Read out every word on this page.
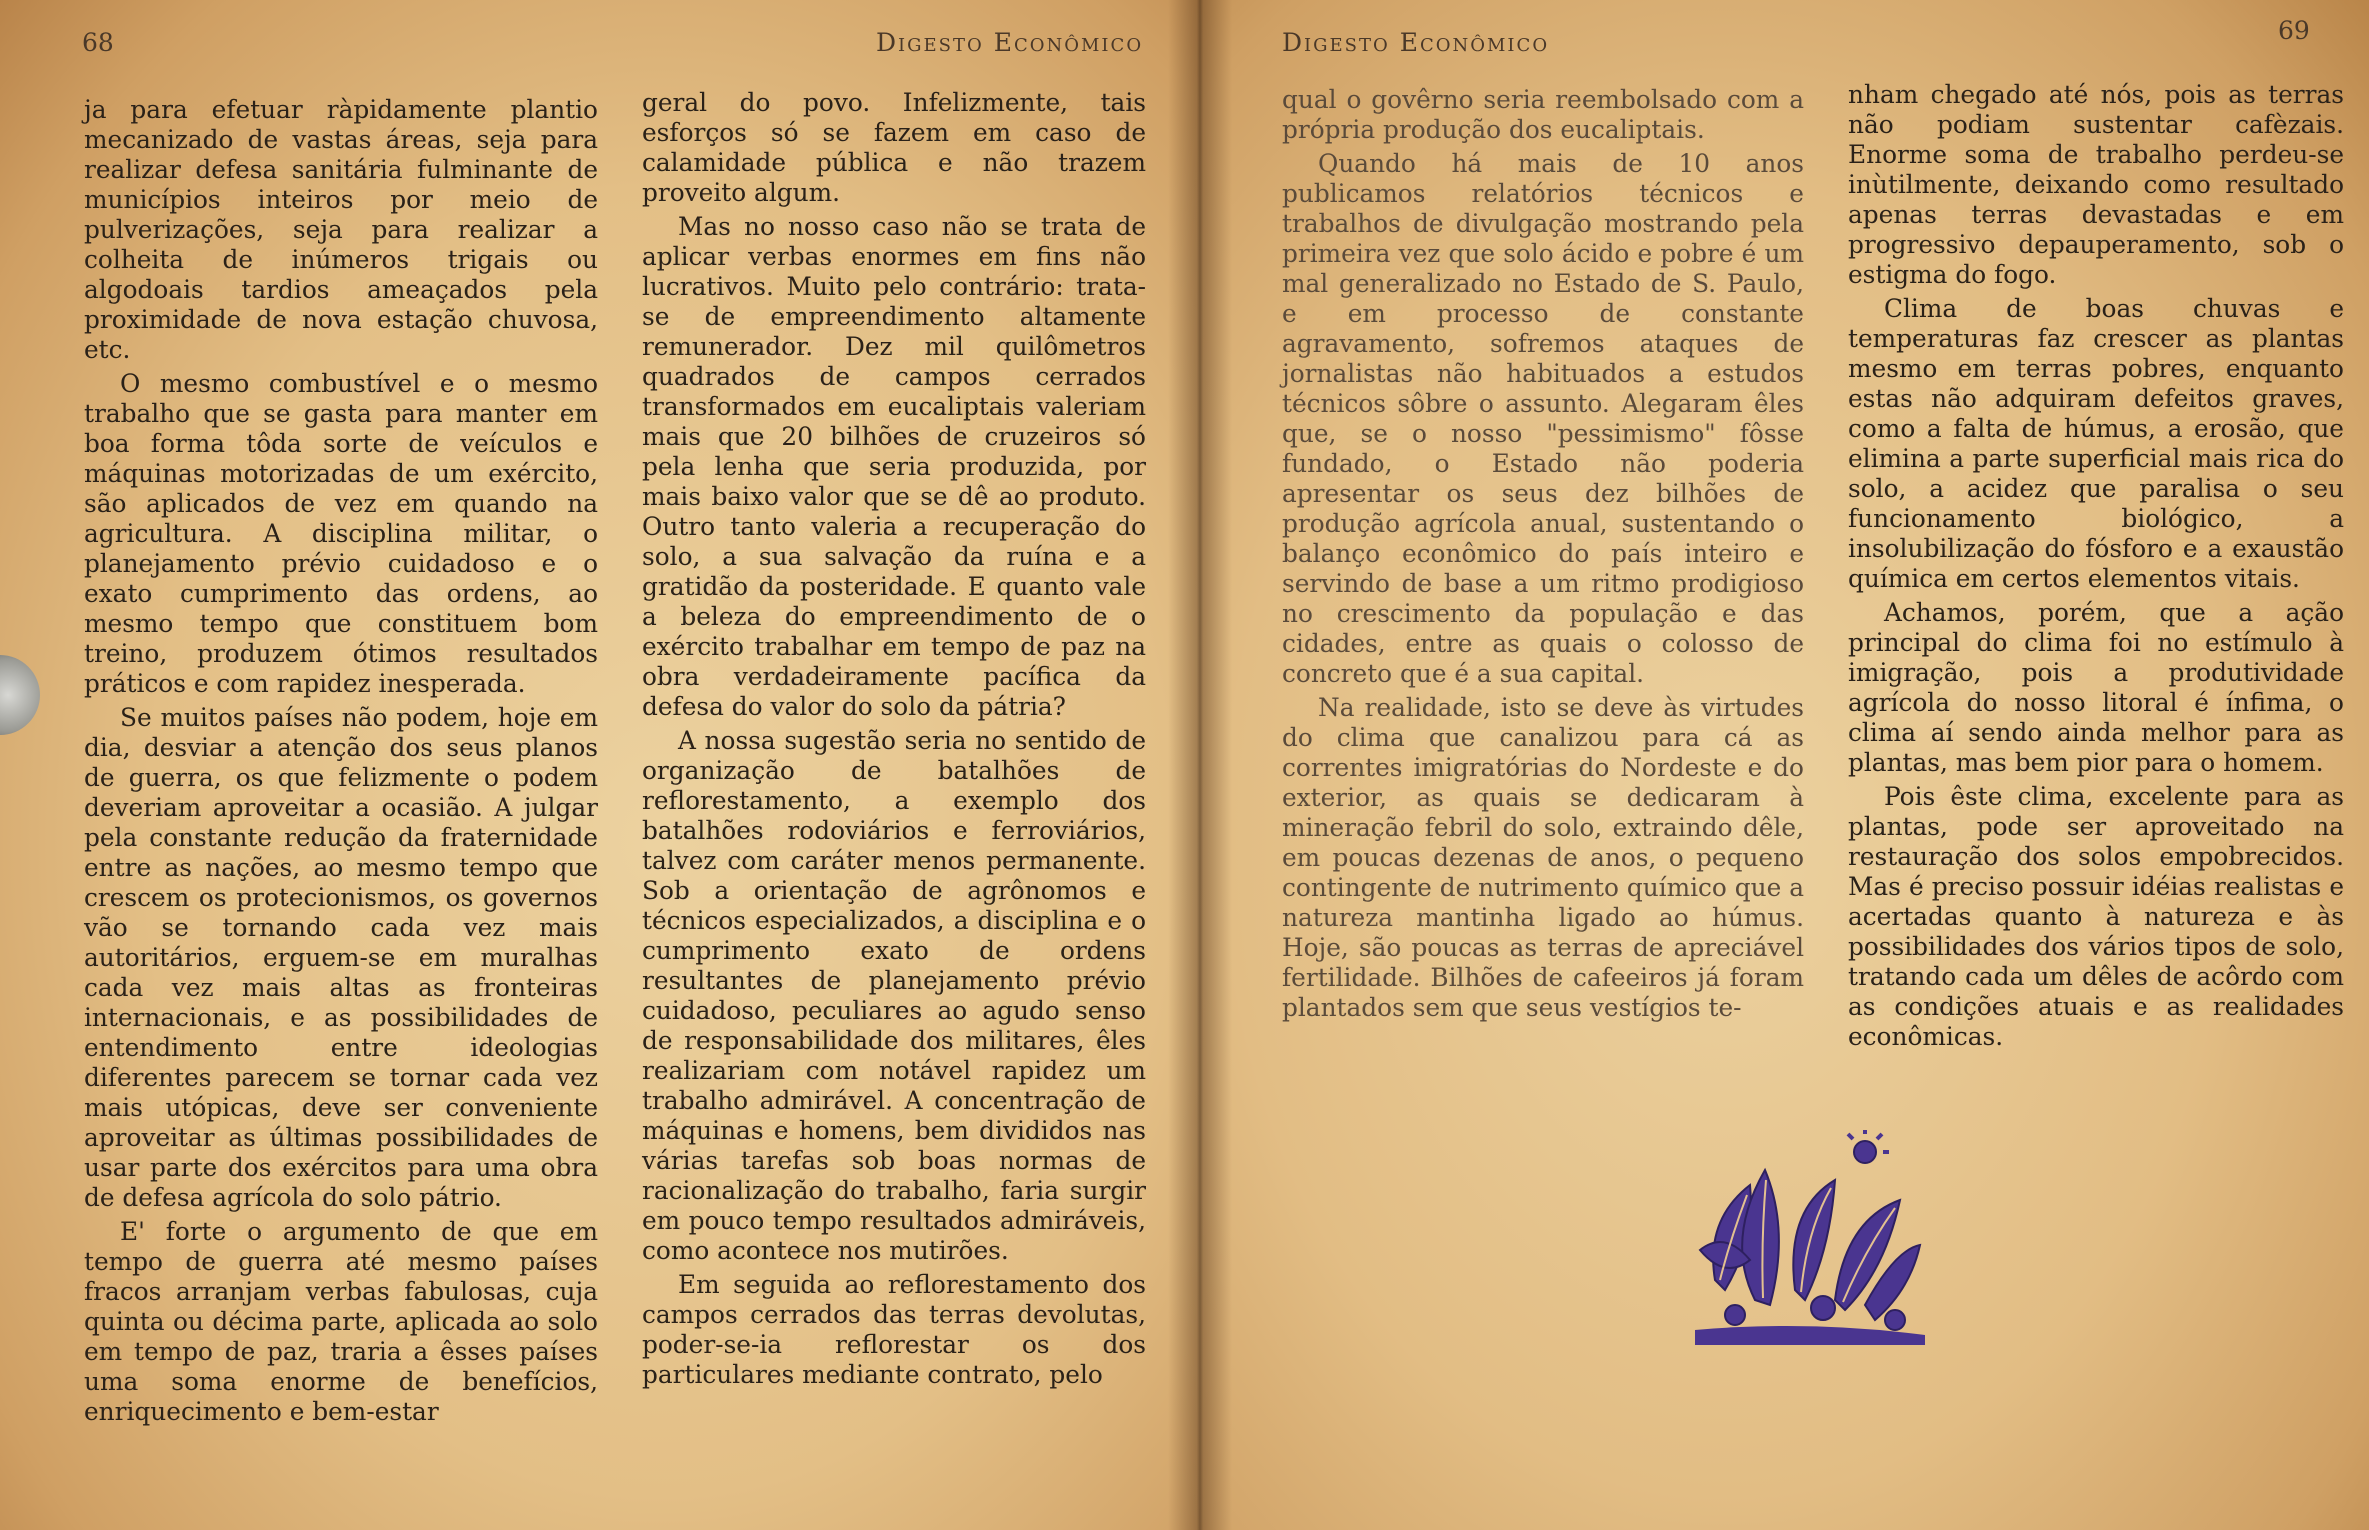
68	Digesto Econômico

ja para efetuar ràpidamente plantio mecanizado de vastas áreas, seja para realizar defesa sanitária fulminante de municípios inteiros por meio de pulverizações, seja para realizar a colheita de inúmeros trigais ou algodoais tardios ameaçados pela proximidade de nova estação chuvosa, etc.

O mesmo combustível e o mesmo trabalho que se gasta para manter em boa forma tôda sorte de veículos e máquinas motorizadas de um exército, são aplicados de vez em quando na agricultura. A disciplina militar, o planejamento prévio cuidadoso e o exato cumprimento das ordens, ao mesmo tempo que constituem bom treino, produzem ótimos resultados práticos e com rapidez inesperada.

Se muitos países não podem, hoje em dia, desviar a atenção dos seus planos de guerra, os que felizmente o podem deveriam aproveitar a ocasião. A julgar pela constante redução da fraternidade entre as nações, ao mesmo tempo que crescem os protecionismos, os governos vão se tornando cada vez mais autoritários, erguem-se em muralhas cada vez mais altas as fronteiras internacionais, e as possibilidades de entendimento entre ideologias diferentes parecem se tornar cada vez mais utópicas, deve ser conveniente aproveitar as últimas possibilidades de usar parte dos exércitos para uma obra de defesa agrícola do solo pátrio.

E' forte o argumento de que em tempo de guerra até mesmo países fracos arranjam verbas fabulosas, cuja quinta ou décima parte, aplicada ao solo em tempo de paz, traria a êsses países uma soma enorme de benefícios, enriquecimento e bem-estar

geral do povo. Infelizmente, tais esforços só se fazem em caso de calamidade pública e não trazem proveito algum.

Mas no nosso caso não se trata de aplicar verbas enormes em fins não lucrativos. Muito pelo contrário: trata-se de empreendimento altamente remunerador. Dez mil quilômetros quadrados de campos cerrados transformados em eucaliptais valeriam mais que 20 bilhões de cruzeiros só pela lenha que seria produzida, por mais baixo valor que se dê ao produto. Outro tanto valeria a recuperação do solo, a sua salvação da ruína e a gratidão da posteridade. E quanto vale a beleza do empreendimento de o exército trabalhar em tempo de paz na obra verdadeiramente pacífica da defesa do valor do solo da pátria?

A nossa sugestão seria no sentido de organização de batalhões de reflorestamento, a exemplo dos batalhões rodoviários e ferroviários, talvez com caráter menos permanente. Sob a orientação de agrônomos e técnicos especializados, a disciplina e o cumprimento exato de ordens resultantes de planejamento prévio cuidadoso, peculiares ao agudo senso de responsabilidade dos militares, êles realizariam com notável rapidez um trabalho admirável. A concentração de máquinas e homens, bem divididos nas várias tarefas sob boas normas de racionalização do trabalho, faria surgir em pouco tempo resultados admiráveis, como acontece nos mutirões.

Em seguida ao reflorestamento dos campos cerrados das terras devolutas, poder-se-ia reflorestar os dos particulares mediante contrato, pelo

Digesto Econômico	69

qual o govêrno seria reembolsado com a própria produção dos eucaliptais.

Quando há mais de 10 anos publicamos relatórios técnicos e trabalhos de divulgação mostrando pela primeira vez que solo ácido e pobre é um mal generalizado no Estado de S. Paulo, e em processo de constante agravamento, sofremos ataques de jornalistas não habituados a estudos técnicos sôbre o assunto. Alegaram êles que, se o nosso "pessimismo" fôsse fundado, o Estado não poderia apresentar os seus dez bilhões de produção agrícola anual, sustentando o balanço econômico do país inteiro e servindo de base a um ritmo prodigioso no crescimento da população e das cidades, entre as quais o colosso de concreto que é a sua capital.

Na realidade, isto se deve às virtudes do clima que canalizou para cá as correntes imigratórias do Nordeste e do exterior, as quais se dedicaram à mineração febril do solo, extraindo dêle, em poucas dezenas de anos, o pequeno contingente de nutrimento químico que a natureza mantinha ligado ao húmus. Hoje, são poucas as terras de apreciável fertilidade. Bilhões de cafeeiros já foram plantados sem que seus vestígios te-

nham chegado até nós, pois as terras não podiam sustentar cafèzais. Enorme soma de trabalho perdeu-se inùtilmente, deixando como resultado apenas terras devastadas e em progressivo depauperamento, sob o estigma do fogo.

Clima de boas chuvas e temperaturas faz crescer as plantas mesmo em terras pobres, enquanto estas não adquiram defeitos graves, como a falta de húmus, a erosão, que elimina a parte superficial mais rica do solo, a acidez que paralisa o seu funcionamento biológico, a insolubilização do fósforo e a exaustão química em certos elementos vitais.

Achamos, porém, que a ação principal do clima foi no estímulo à imigração, pois a produtividade agrícola do nosso litoral é ínfima, o clima aí sendo ainda melhor para as plantas, mas bem pior para o homem.

Pois êste clima, excelente para as plantas, pode ser aproveitado na restauração dos solos empobrecidos. Mas é preciso possuir idéias realistas e acertadas quanto à natureza e às possibilidades dos vários tipos de solo, tratando cada um dêles de acôrdo com as condições atuais e as realidades econômicas.
